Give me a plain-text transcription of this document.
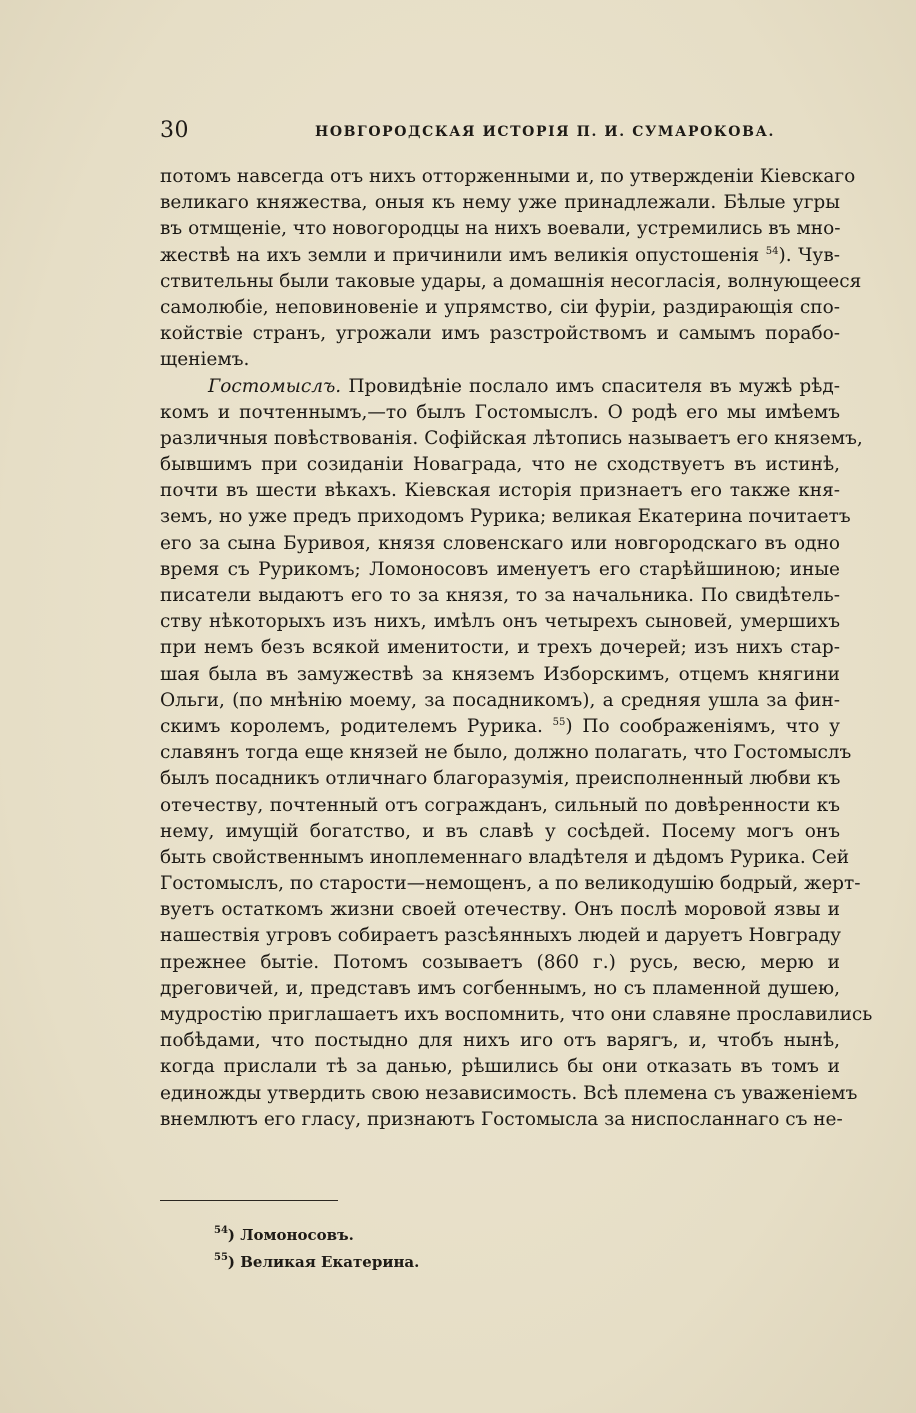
30	НОВГОРОДСКАЯ ИСТОРІЯ П. И. СУМАРОКОВА.
потомъ навсегда отъ нихъ отторженными и, по утвержденіи Кіевскаго
великаго княжества, оныя къ нему уже принадлежали. Бѣлые угры
въ отмщеніе, что новогородцы на нихъ воевали, устремились въ мно-
жествѣ на ихъ земли и причинили имъ великія опустошенія $^{54}$). Чув-
ствительны были таковые удары, а домашнія несогласія, волнующееся
самолюбіе, неповиновеніе и упрямство, сіи фуріи, раздирающія спо-
койствіе странъ, угрожали имъ разстройствомъ и самымъ порабо-
щеніемъ.
Гостомыслъ. Провидѣніе послало имъ спасителя въ мужѣ рѣд-
комъ и почтеннымъ,—то былъ Гостомыслъ. О родѣ его мы имѣемъ
различныя повѣствованія. Софійская лѣтопись называетъ его княземъ,
бывшимъ при созиданіи Новаграда, что не сходствуетъ въ истинѣ,
почти въ шести вѣкахъ. Кіевская исторія признаетъ его также кня-
земъ, но уже предъ приходомъ Рурика; великая Екатерина почитаетъ
его за сына Буривоя, князя словенскаго или новгородскаго въ одно
время съ Рурикомъ; Ломоносовъ именуетъ его старѣйшиною; иные
писатели выдаютъ его то за князя, то за начальника. По свидѣтель-
ству нѣкоторыхъ изъ нихъ, имѣлъ онъ четырехъ сыновей, умершихъ
при немъ безъ всякой именитости, и трехъ дочерей; изъ нихъ стар-
шая была въ замужествѣ за княземъ Изборскимъ, отцемъ княгини
Ольги, (по мнѣнію моему, за посадникомъ), а средняя ушла за фин-
скимъ королемъ, родителемъ Рурика. $^{55}$) По соображеніямъ, что у
славянъ тогда еще князей не было, должно полагать, что Гостомыслъ
былъ посадникъ отличнаго благоразумія, преисполненный любви къ
отечеству, почтенный отъ согражданъ, сильный по довѣренности къ
нему, имущій богатство, и въ славѣ у сосѣдей. Посему могъ онъ
быть свойственнымъ иноплеменнаго владѣтеля и дѣдомъ Рурика. Сей
Гостомыслъ, по старости—немощенъ, а по великодушію бодрый, жерт-
вуетъ остаткомъ жизни своей отечеству. Онъ послѣ моровой язвы и
нашествія угровъ собираетъ разсѣянныхъ людей и даруетъ Новграду
прежнее бытіе. Потомъ созываетъ (860 г.) русь, весю, мерю и
дреговичей, и, представъ имъ согбеннымъ, но съ пламенной душею,
мудростію приглашаетъ ихъ воспомнить, что они славяне прославились
побѣдами, что постыдно для нихъ иго отъ варягъ, и, чтобъ нынѣ,
когда прислали тѣ за данью, рѣшились бы они отказать въ томъ и
единожды утвердить свою независимость. Всѣ племена съ уваженіемъ
внемлютъ его гласу, признаютъ Гостомысла за ниспосланнаго съ не-
$^{54}$) Ломоносовъ.
$^{55}$) Великая Екатерина.
